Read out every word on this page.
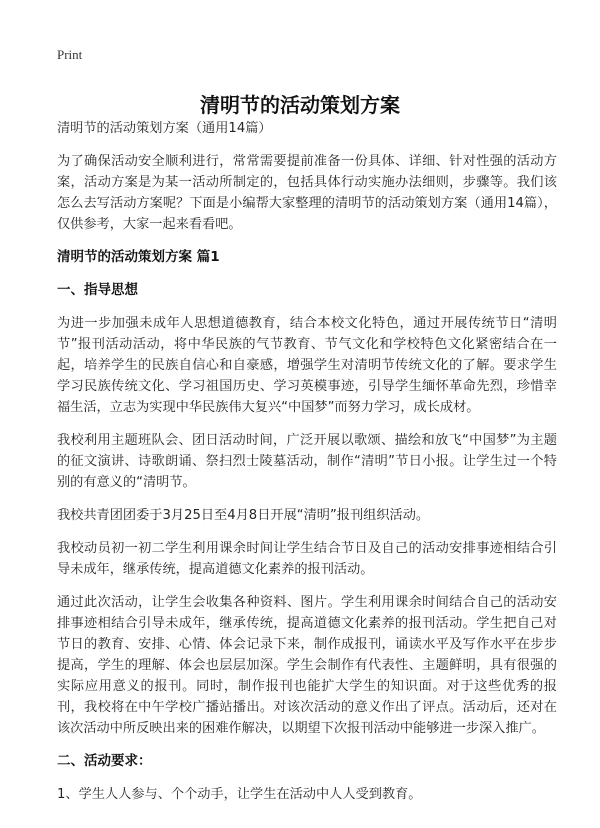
Print
清明节的活动策划方案

清明节的活动策划方案（通用14篇）

为了确保活动安全顺利进行，常常需要提前准备一份具体、详细、针对性强的活动方案，活动方案是为某一活动所制定的，包括具体行动实施办法细则，步骤等。我们该怎么去写活动方案呢？下面是小编帮大家整理的清明节的活动策划方案（通用14篇），仅供参考，大家一起来看看吧。

清明节的活动策划方案 篇1
一、指导思想

为进一步加强未成年人思想道德教育，结合本校文化特色，通过开展传统节日“清明节”报刊活动活动，将中华民族的气节教育、节气文化和学校特色文化紧密结合在一起，培养学生的民族自信心和自豪感，增强学生对清明节传统文化的了解。要求学生学习民族传统文化、学习祖国历史、学习英模事迹，引导学生缅怀革命先烈，珍惜幸福生活，立志为实现中华民族伟大复兴“中国梦”而努力学习，成长成材。

我校利用主题班队会、团日活动时间，广泛开展以歌颂、描绘和放飞“中国梦”为主题的征文演讲、诗歌朗诵、祭扫烈士陵墓活动，制作“清明”节日小报。让学生过一个特别的有意义的“清明节。

我校共青团团委于3月25日至4月8日开展“清明”报刊组织活动。

我校动员初一初二学生利用课余时间让学生结合节日及自己的活动安排事迹相结合引导未成年，继承传统，提高道德文化素养的报刊活动。

通过此次活动，让学生会收集各种资料、图片。学生利用课余时间结合自己的活动安排事迹相结合引导未成年，继承传统，提高道德文化素养的报刊活动。学生把自己对节日的教育、安排、心情、体会记录下来，制作成报刊，诵读水平及写作水平在步步提高，学生的理解、体会也层层加深。学生会制作有代表性、主题鲜明，具有很强的实际应用意义的报刊。同时，制作报刊也能扩大学生的知识面。对于这些优秀的报刊，我校将在中午学校广播站播出。对该次活动的意义作出了评点。活动后，还对在该次活动中所反映出来的困难作解决，以期望下次报刊活动中能够进一步深入推广。

二、活动要求：

1、学生人人参与、个个动手，让学生在活动中人人受到教育。
